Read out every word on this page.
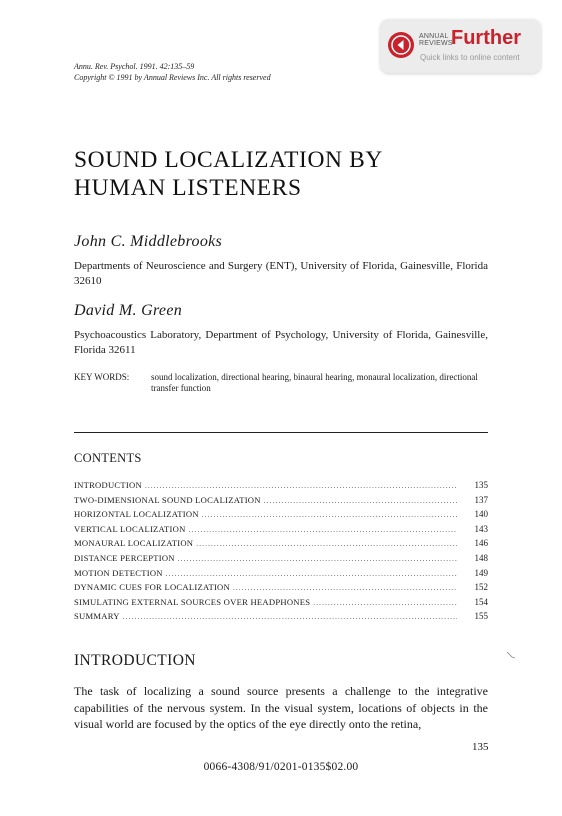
ANNUAL
REVIEWS
Further
Quick links to online content
Annu. Rev. Psychol. 1991. 42:135–59
Copyright © 1991 by Annual Reviews Inc. All rights reserved
SOUND LOCALIZATION BY
HUMAN LISTENERS
John C. Middlebrooks
Departments of Neuroscience and Surgery (ENT), University of Florida, Gainesville, Florida 32610
David M. Green
Psychoacoustics Laboratory, Department of Psychology, University of Florida, Gainesville, Florida 32611
KEY WORDS: sound localization, directional hearing, binaural hearing, monaural localization, directional transfer function
CONTENTS
INTRODUCTION .....	135
TWO-DIMENSIONAL SOUND LOCALIZATION .....	137
HORIZONTAL LOCALIZATION .....	140
VERTICAL LOCALIZATION .....	143
MONAURAL LOCALIZATION .....	146
DISTANCE PERCEPTION .....	148
MOTION DETECTION .....	149
DYNAMIC CUES FOR LOCALIZATION .....	152
SIMULATING EXTERNAL SOURCES OVER HEADPHONES .....	154
SUMMARY .....	155
INTRODUCTION

The task of localizing a sound source presents a challenge to the integrative capabilities of the nervous system. In the visual system, locations of objects in the visual world are focused by the optics of the eye directly onto the retina,

135
0066-4308/91/0201-0135$02.00
